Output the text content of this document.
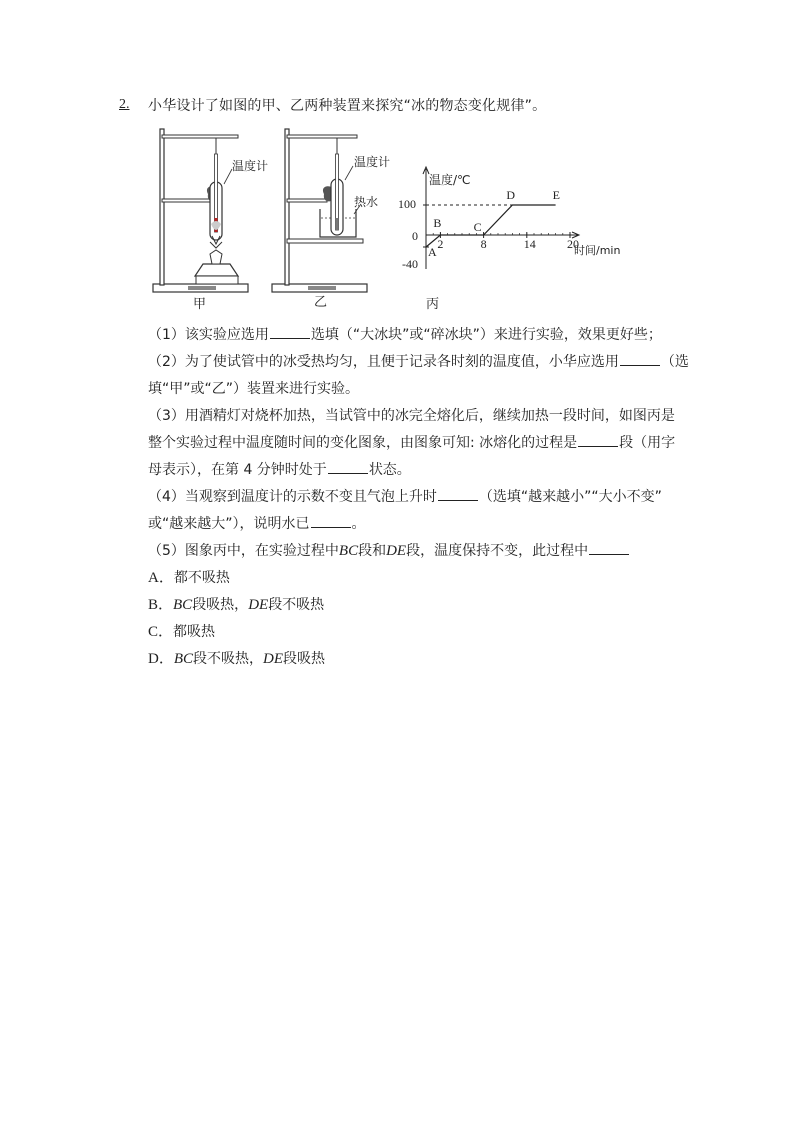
2. 小华设计了如图的甲、乙两种装置来探究“冰的物态变化规律”。
温度计
甲
温度计
热水
乙
温度/℃
时间/min
100
0
-40
2	8	14	20
A
B	C
D	E
丙
（1）该实验应选用	选填（“大冰块”或“碎冰块”）来进行实验，效果更好些；
（2）为了使试管中的冰受热均匀，且便于记录各时刻的温度值，小华应选用	（选
填“甲”或“乙”）装置来进行实验。
（3）用酒精灯对烧杯加热，当试管中的冰完全熔化后，继续加热一段时间，如图丙是
整个实验过程中温度随时间的变化图象，由图象可知: 冰熔化的过程是	段（用字
母表示），在第 4 分钟时处于	状态。
（4）当观察到温度计的示数不变且气泡上升时	（选填“越来越小”“大小不变”
或“越来越大”），说明水已	。
（5）图象丙中，在实验过程中BC段和DE段，温度保持不变，此过程中
A．都不吸热
B．BC段吸热，DE段不吸热
C．都吸热
D．BC段不吸热，DE段吸热
